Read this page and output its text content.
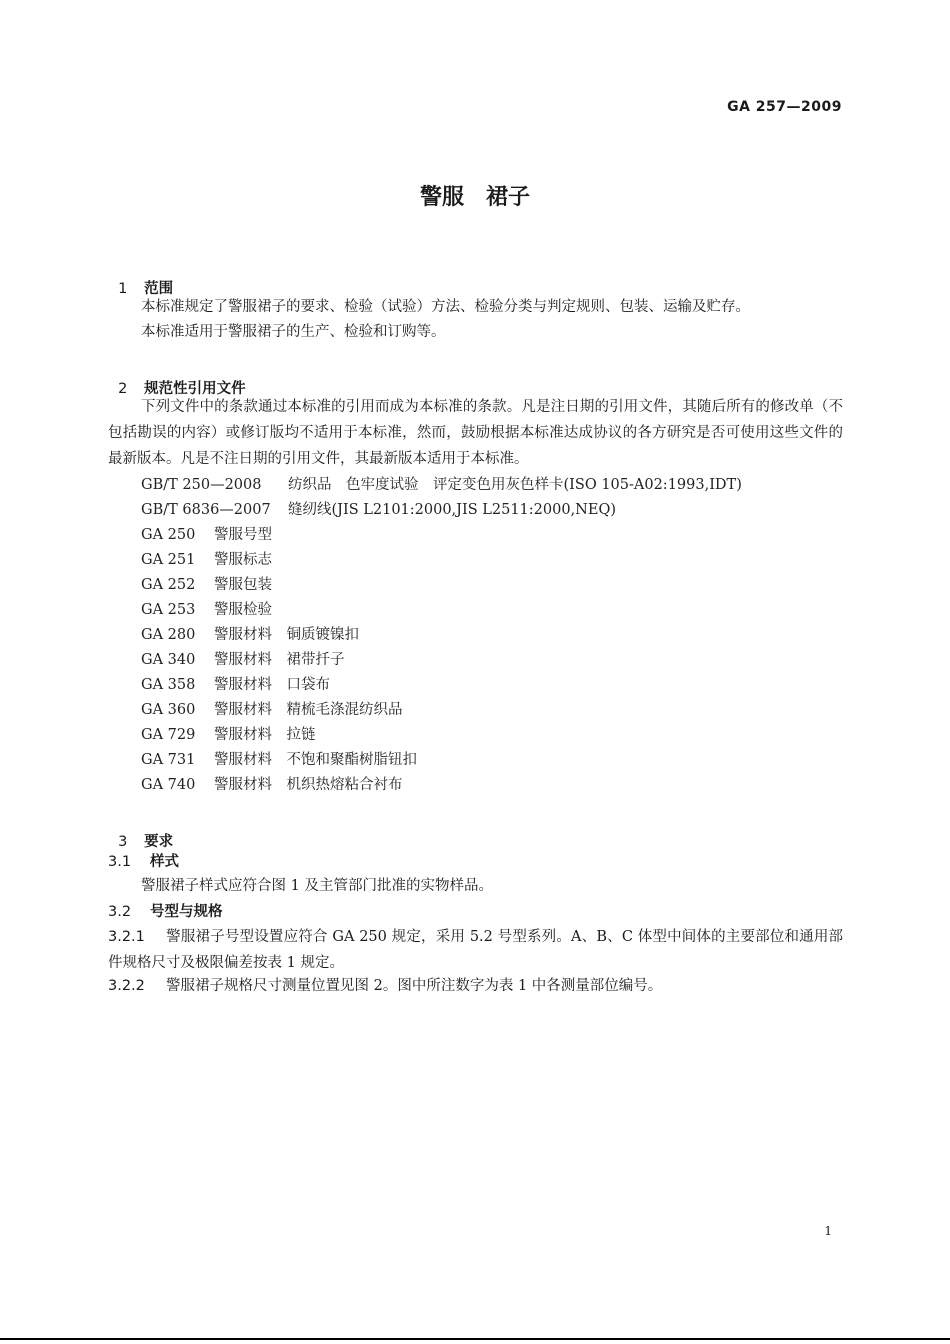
GA 257—2009
警服　裙子

1 范围

本标准规定了警服裙子的要求、检验（试验）方法、检验分类与判定规则、包装、运输及贮存。
本标准适用于警服裙子的生产、检验和订购等。

2 规范性引用文件

下列文件中的条款通过本标准的引用而成为本标准的条款。凡是注日期的引用文件，其随后所有的修改单（不包括勘误的内容）或修订版均不适用于本标准，然而，鼓励根据本标准达成协议的各方研究是否可使用这些文件的最新版本。凡是不注日期的引用文件，其最新版本适用于本标准。
GB/T 250—2008 纺织品　色牢度试验　评定变色用灰色样卡(ISO 105-A02:1993,IDT)
GB/T 6836—2007 缝纫线(JIS L2101:2000,JIS L2511:2000,NEQ)
GA 250 警服号型
GA 251 警服标志
GA 252 警服包装
GA 253 警服检验
GA 280 警服材料　铜质镀镍扣
GA 340 警服材料　裙带扦子
GA 358 警服材料　口袋布
GA 360 警服材料　精梳毛涤混纺织品
GA 729 警服材料　拉链
GA 731 警服材料　不饱和聚酯树脂钮扣
GA 740 警服材料　机织热熔粘合衬布

3 要求

3.1 样式
警服裙子样式应符合图 1 及主管部门批准的实物样品。
3.2 号型与规格
3.2.1 警服裙子号型设置应符合 GA 250 规定，采用 5.2 号型系列。A、B、C 体型中间体的主要部位和通用部件规格尺寸及极限偏差按表 1 规定。
3.2.2 警服裙子规格尺寸测量位置见图 2。图中所注数字为表 1 中各测量部位编号。
1
